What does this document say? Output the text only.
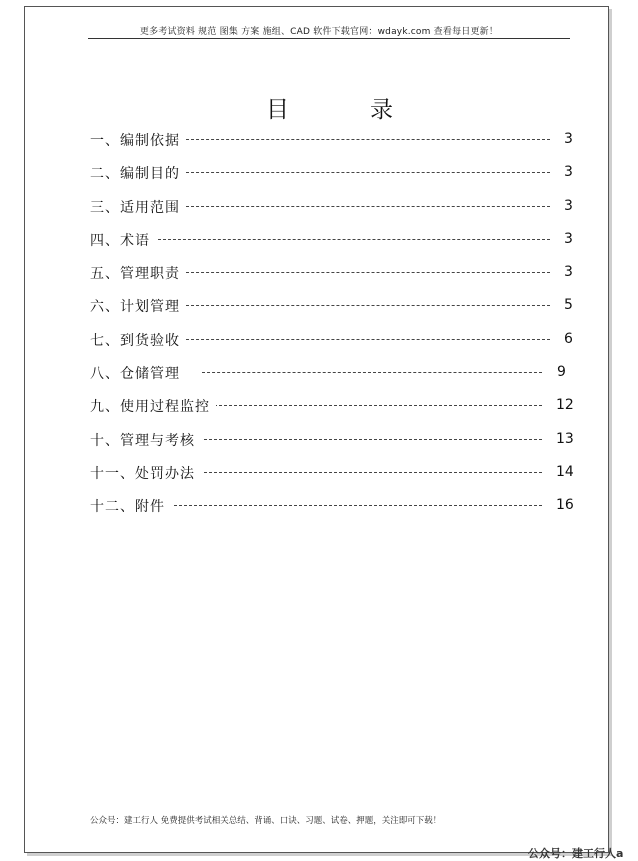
更多考试资料 规范 图集 方案 施组、CAD 软件下载官网：wdayk.com 查看每日更新！
目	录
一、编制依据	3
二、编制目的	3
三、适用范围	3
四、术语	3
五、管理职责	3
六、计划管理	5
七、到货验收	6
八、仓储管理	9
九、使用过程监控	12
十、管理与考核	13
十一、处罚办法	14
十二、附件	16
公众号：建工行人 免费提供考试相关总结、背诵、口诀、习题、试卷、押题，关注即可下载！
公众号：建工行人a
